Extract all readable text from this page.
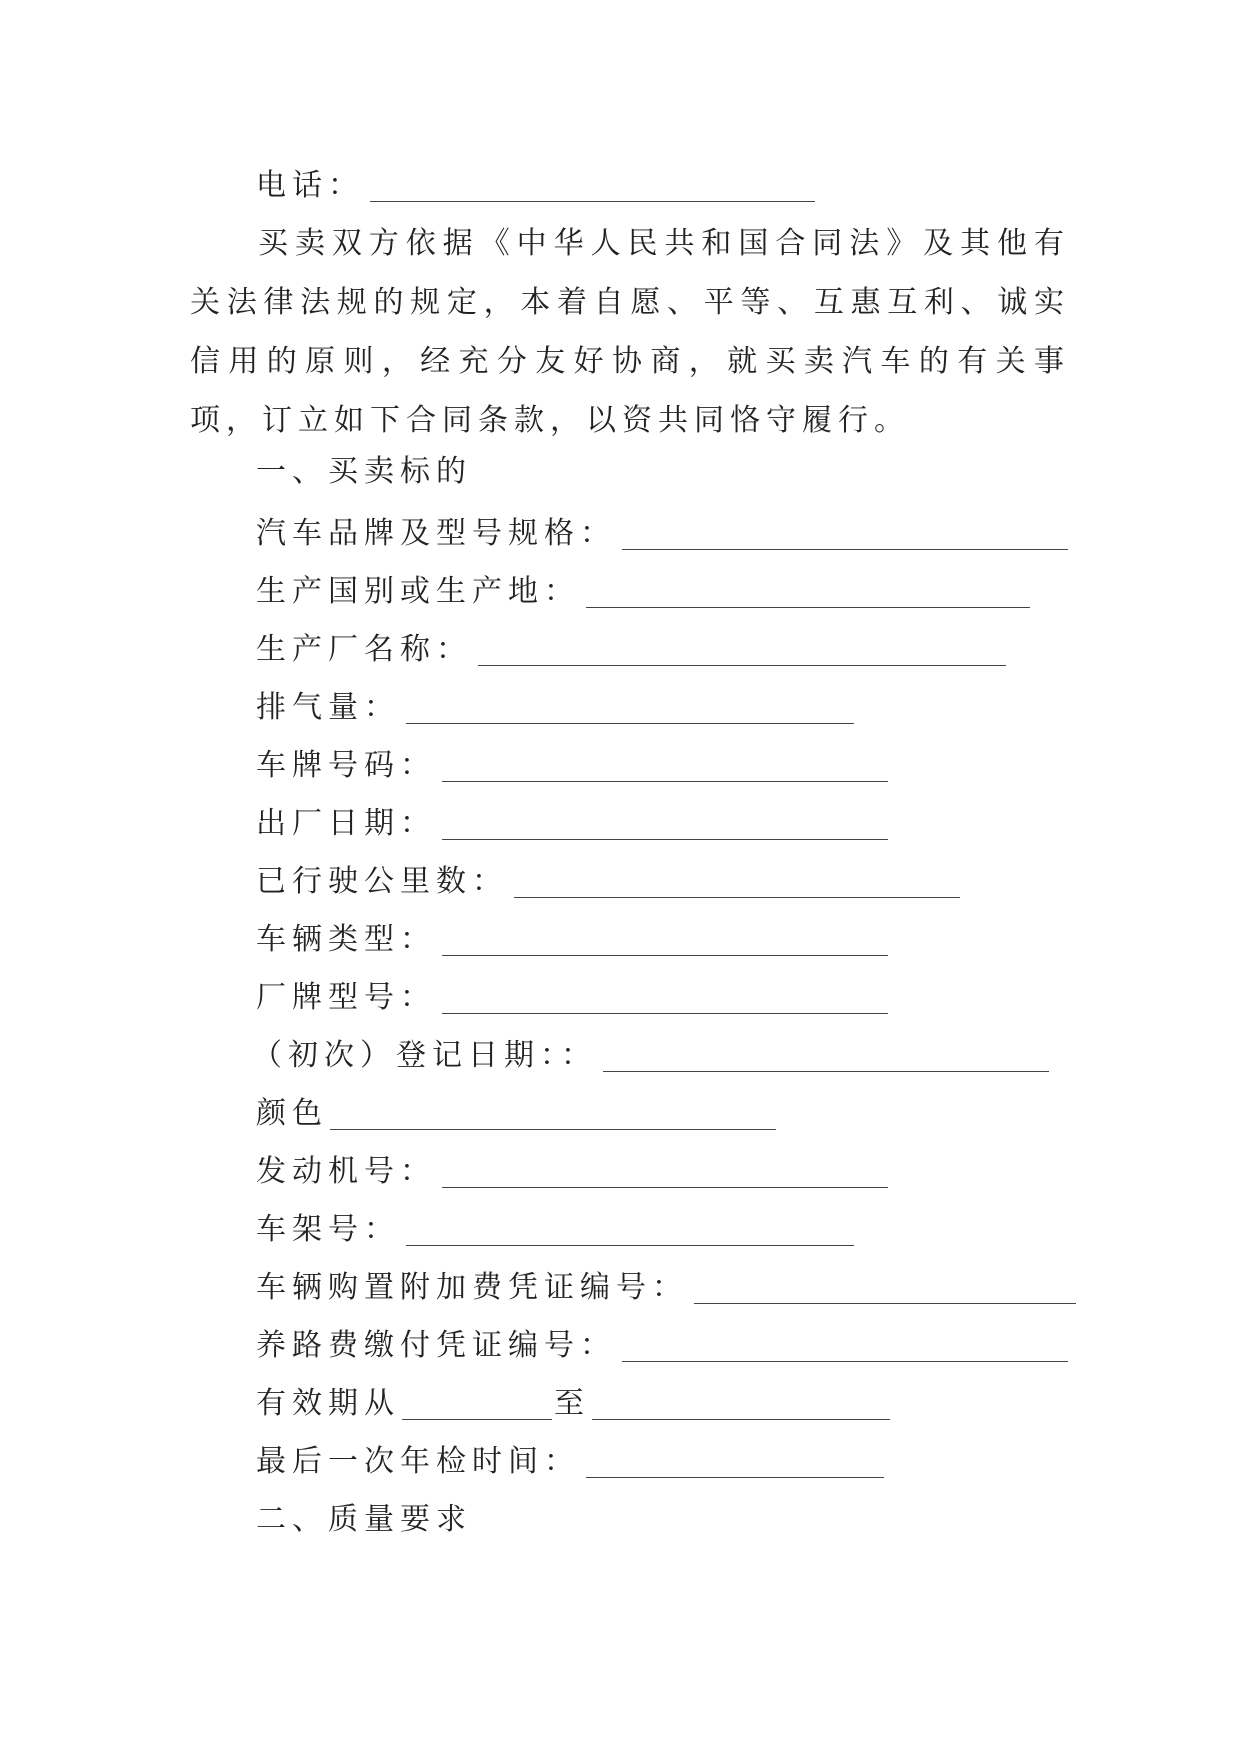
电话：

买卖双方依据《中华人民共和国合同法》及其他有关法律法规的规定，本着自愿、平等、互惠互利、诚实信用的原则，经充分友好协商，就买卖汽车的有关事项，订立如下合同条款，以资共同恪守履行。

一、买卖标的
汽车品牌及型号规格：
生产国别或生产地：
生产厂名称：
排气量：
车牌号码：
出厂日期：
已行驶公里数：
车辆类型：
厂牌型号：
（初次）登记日期：：
颜色
发动机号：
车架号：
车辆购置附加费凭证编号：
养路费缴付凭证编号：
有效期从	至
最后一次年检时间：
二、质量要求
